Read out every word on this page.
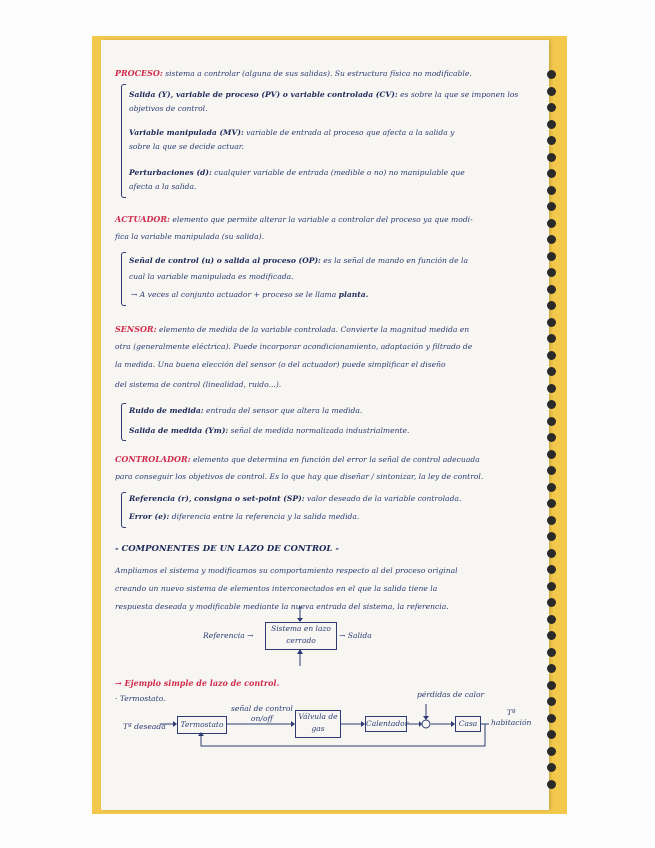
PROCESO: sistema a controlar (alguna de sus salidas). Su estructura física no modificable.
Salida (Y), variable de proceso (PV) o variable controlada (CV): es sobre la que se imponen los
objetivos de control.
Variable manipulada (MV): variable de entrada al proceso que afecta a la salida y
sobre la que se decide actuar.
Perturbaciones (d): cualquier variable de entrada (medible o no) no manipulable que
afecta a la salida.
ACTUADOR: elemento que permite alterar la variable a controlar del proceso ya que modi-
fica la variable manipulada (su salida).
Señal de control (u) o salida al proceso (OP): es la señal de mando en función de la
cual la variable manipulada es modificada.
→ A veces al conjunto actuador + proceso se le llama planta.
SENSOR: elemento de medida de la variable controlada. Convierte la magnitud medida en
otra (generalmente eléctrica). Puede incorporar acondicionamiento, adaptación y filtrado de
la medida. Una buena elección del sensor (o del actuador) puede simplificar el diseño
del sistema de control (linealidad, ruido...).
Ruido de medida: entrada del sensor que altera la medida.
Salida de medida (Ym): señal de medida normalizada industrialmente.
CONTROLADOR: elemento que determina en función del error la señal de control adecuada
para conseguir los objetivos de control. Es lo que hay que diseñar / sintonizar, la ley de control.
Referencia (r), consigna o set-point (SP): valor deseado de la variable controlada.
Error (e): diferencia entre la referencia y la salida medida.
- COMPONENTES DE UN LAZO DE CONTROL -
Ampliamos el sistema y modificamos su comportamiento respecto al del proceso original
creando un nuevo sistema de elementos interconectados en el que la salida tiene la
respuesta deseada y modificable mediante la nueva entrada del sistema, la referencia.
Referencia →
Sistema en lazo
cerrado
→ Salida
→ Ejemplo simple de lazo de control.
· Termostato.	pérdidas de calor
Tª deseada	Termostato
señal de control
on/off	Válvula de gas
Calentador	Casa
Tª
habitación
